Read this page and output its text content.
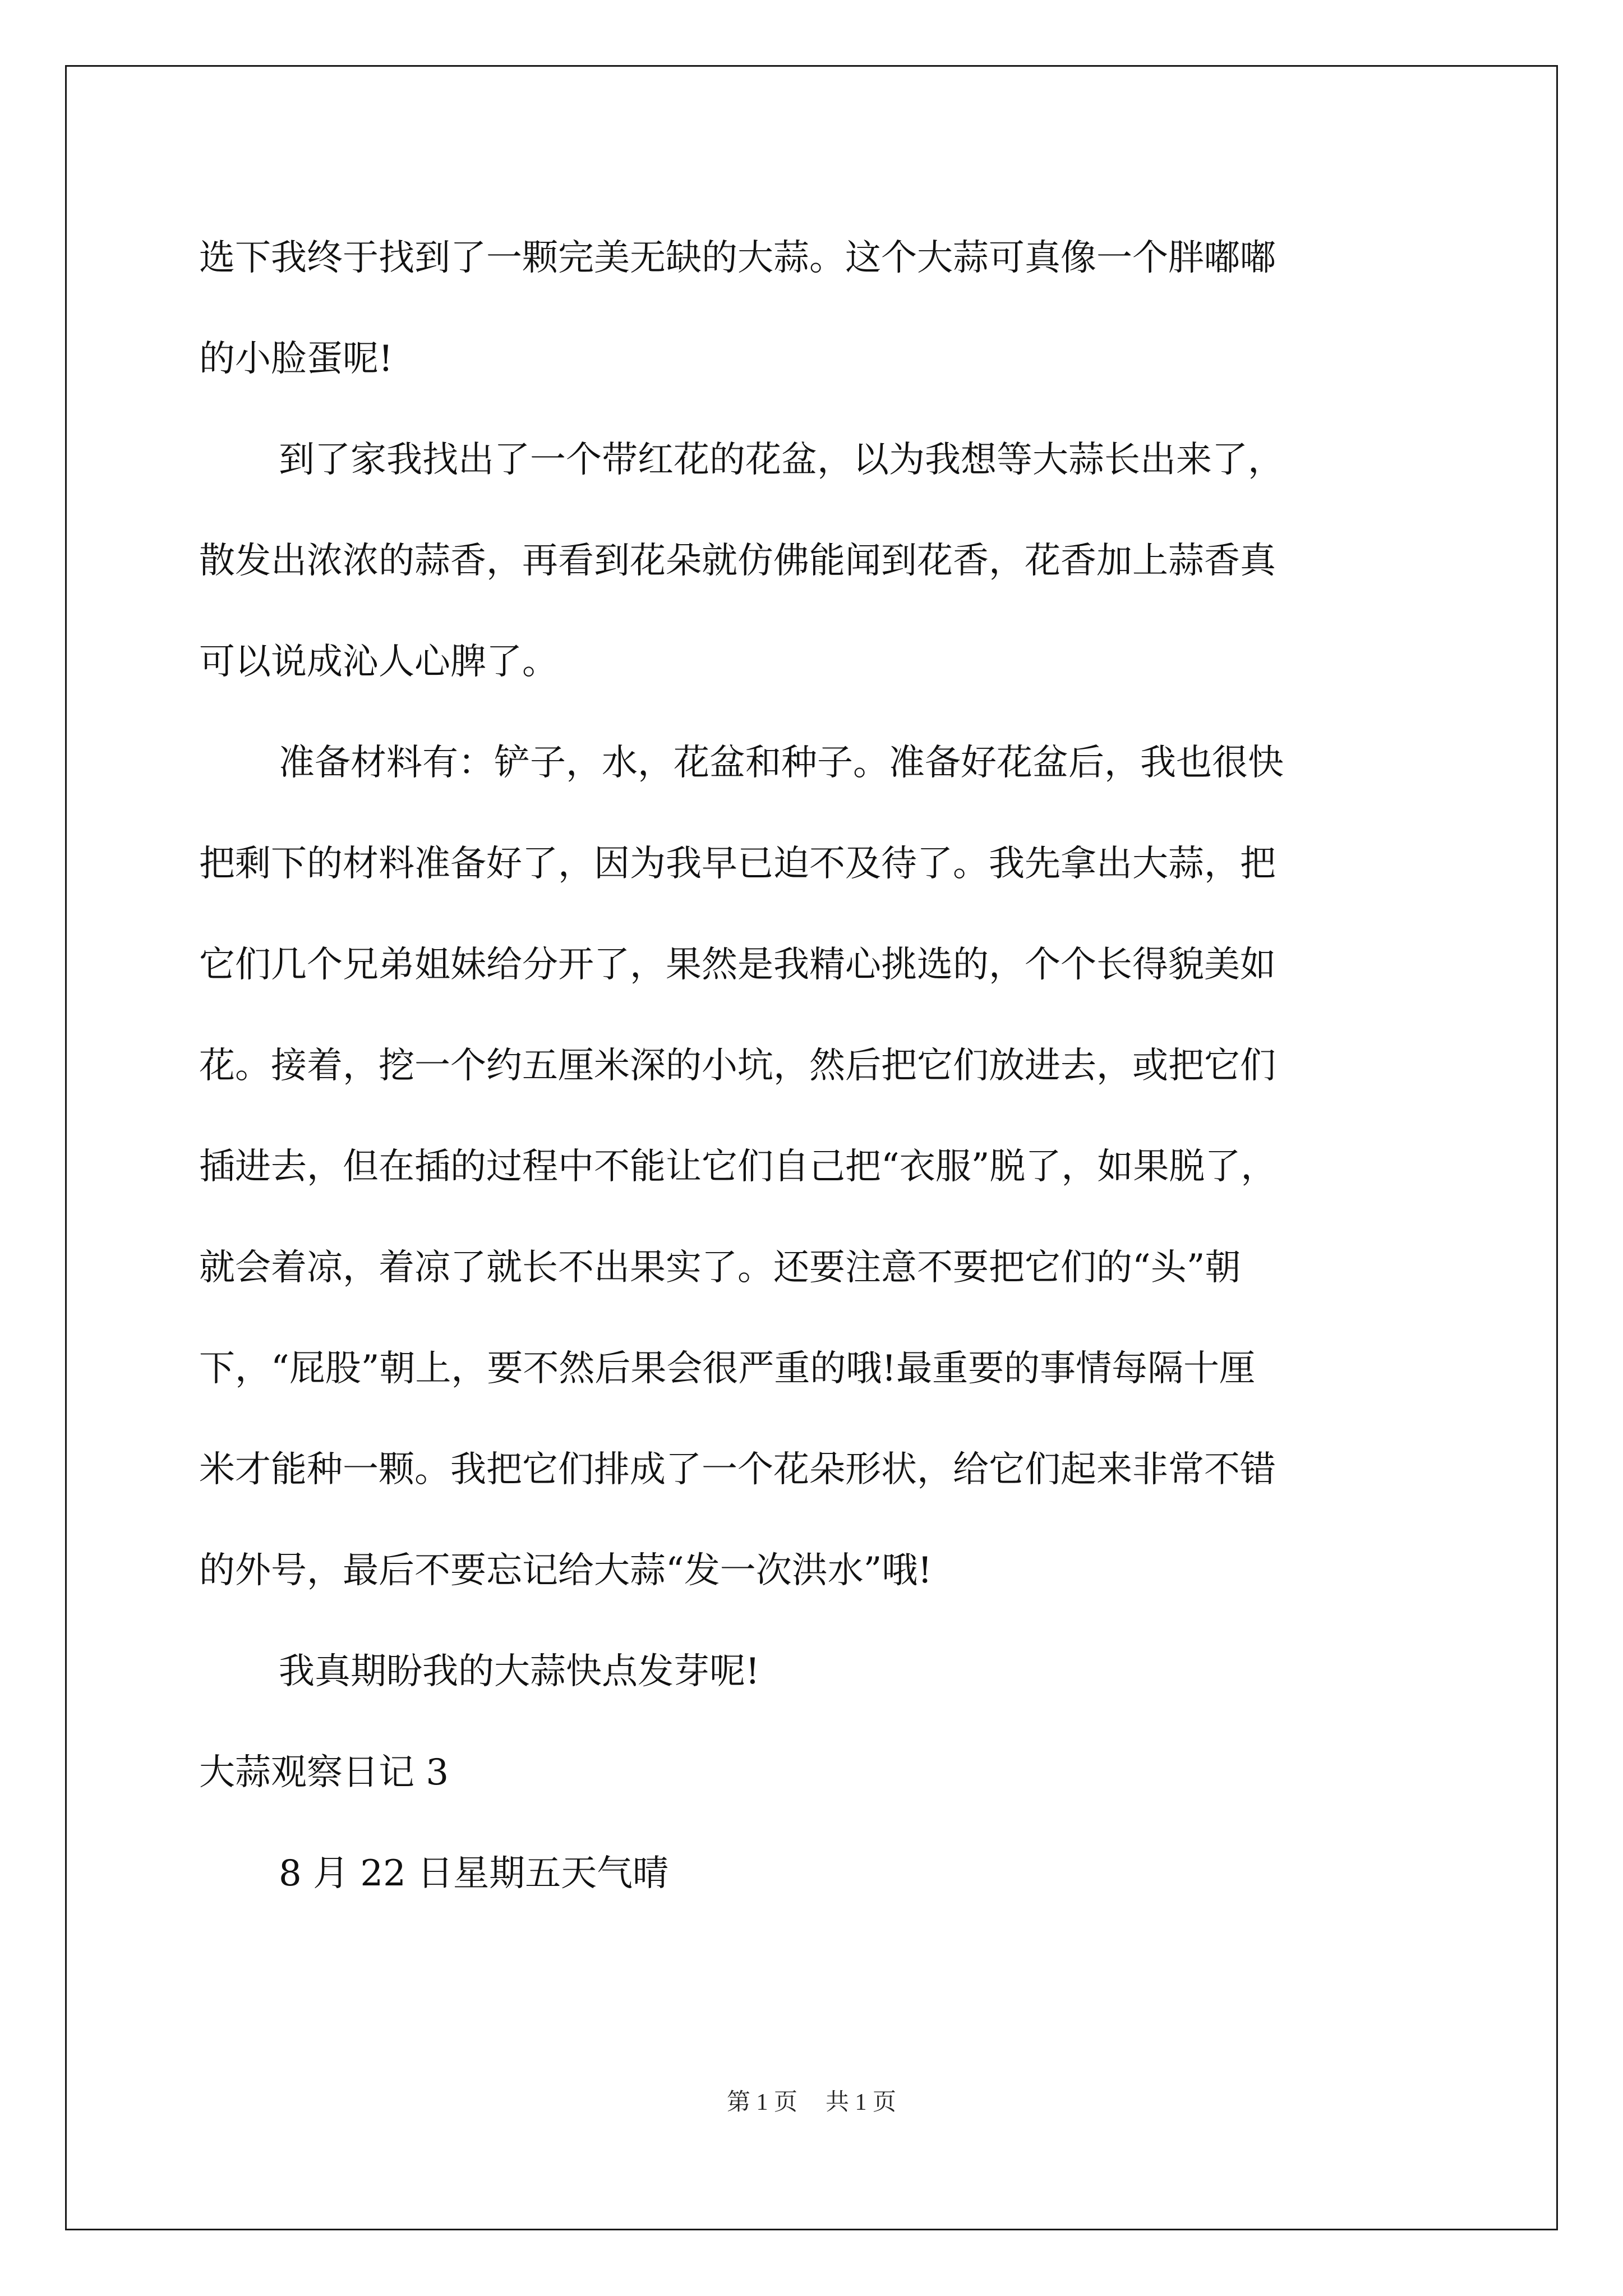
选下我终于找到了一颗完美无缺的大蒜。这个大蒜可真像一个胖嘟嘟
的小脸蛋呢!
到了家我找出了一个带红花的花盆，以为我想等大蒜长出来了，
散发出浓浓的蒜香，再看到花朵就仿佛能闻到花香，花香加上蒜香真
可以说成沁人心脾了。
准备材料有：铲子，水，花盆和种子。准备好花盆后，我也很快
把剩下的材料准备好了，因为我早已迫不及待了。我先拿出大蒜，把
它们几个兄弟姐妹给分开了，果然是我精心挑选的，个个长得貌美如
花。接着，挖一个约五厘米深的小坑，然后把它们放进去，或把它们
插进去，但在插的过程中不能让它们自己把“衣服”脱了，如果脱了，
就会着凉，着凉了就长不出果实了。还要注意不要把它们的“头”朝
下，“屁股”朝上，要不然后果会很严重的哦!最重要的事情每隔十厘
米才能种一颗。我把它们排成了一个花朵形状，给它们起来非常不错
的外号，最后不要忘记给大蒜“发一次洪水”哦!
我真期盼我的大蒜快点发芽呢!
大蒜观察日记 3
8 月 22 日星期五天气晴
第 1 页 共 1 页
